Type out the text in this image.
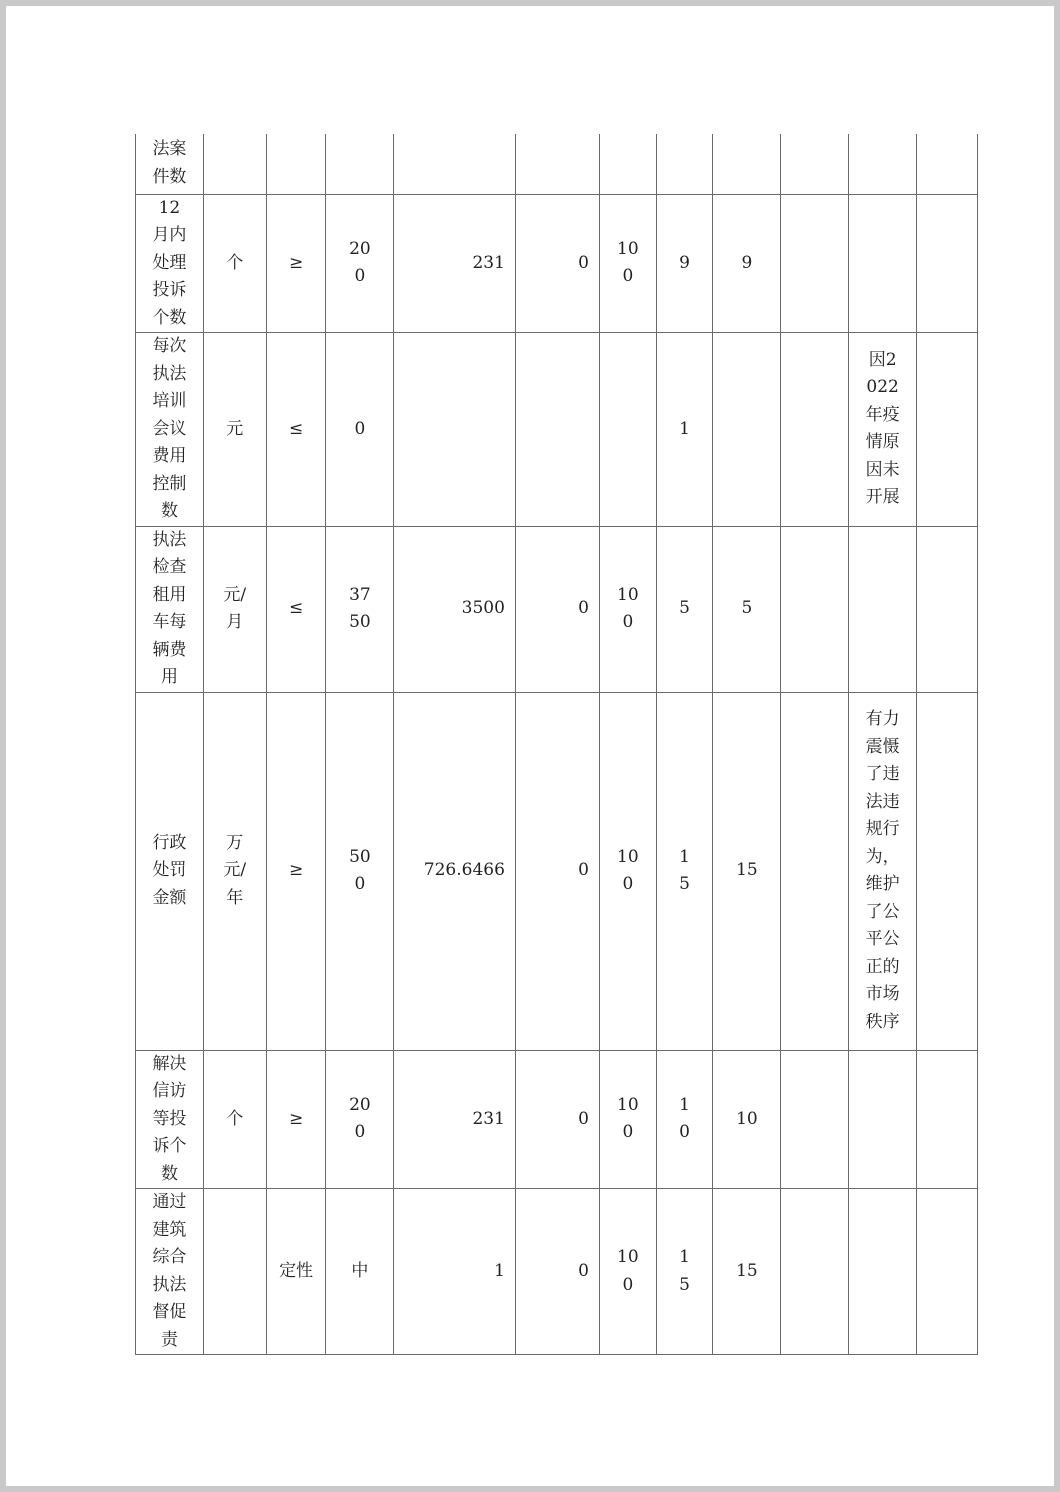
法案件数											

12月内处理投诉个数	个	≥	200	231	0	100	9	9		

每次执法培训会议费用控制数	元	≤	0				1			因2022年疫情原因未开展	

执法检查租用车每辆费用	元/月	≤	3750	3500	0	100	5	5		

行政处罚金额	万元/年	≥	500	726.6466	0	100	15	15		有力震慑了违法违规行为，维护了公平公正的市场秩序	

解决信访等投诉个数	个	≥	200	231	0	100	10	10		

通过建筑综合执法督促责		定性	中	1	0	100	15	15		
